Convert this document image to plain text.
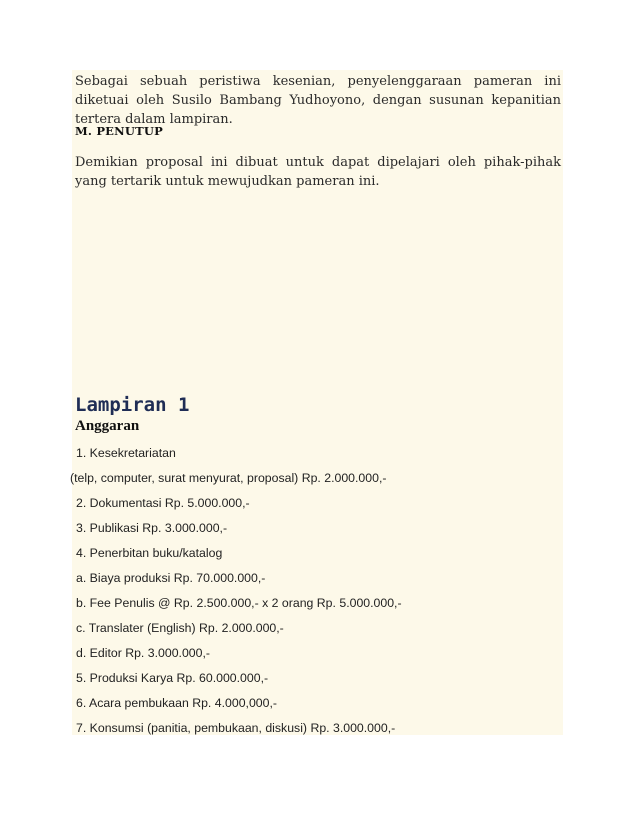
Sebagai sebuah peristiwa kesenian, penyelenggaraan pameran ini diketuai oleh Susilo Bambang Yudhoyono, dengan susunan kepanitian tertera dalam lampiran.

M. PENUTUP

Demikian proposal ini dibuat untuk dapat dipelajari oleh pihak-pihak yang tertarik untuk mewujudkan pameran ini.

Lampiran 1
Anggaran
1. Kesekretariatan
(telp, computer, surat menyurat, proposal) Rp. 2.000.000,-
2. Dokumentasi Rp. 5.000.000,-
3. Publikasi Rp. 3.000.000,-
4. Penerbitan buku/katalog
a. Biaya produksi Rp. 70.000.000,-
b. Fee Penulis @ Rp. 2.500.000,- x 2 orang Rp. 5.000.000,-
c. Translater (English) Rp. 2.000.000,-
d. Editor Rp. 3.000.000,-
5. Produksi Karya Rp. 60.000.000,-
6. Acara pembukaan Rp. 4.000,000,-
7. Konsumsi (panitia, pembukaan, diskusi) Rp. 3.000.000,-
